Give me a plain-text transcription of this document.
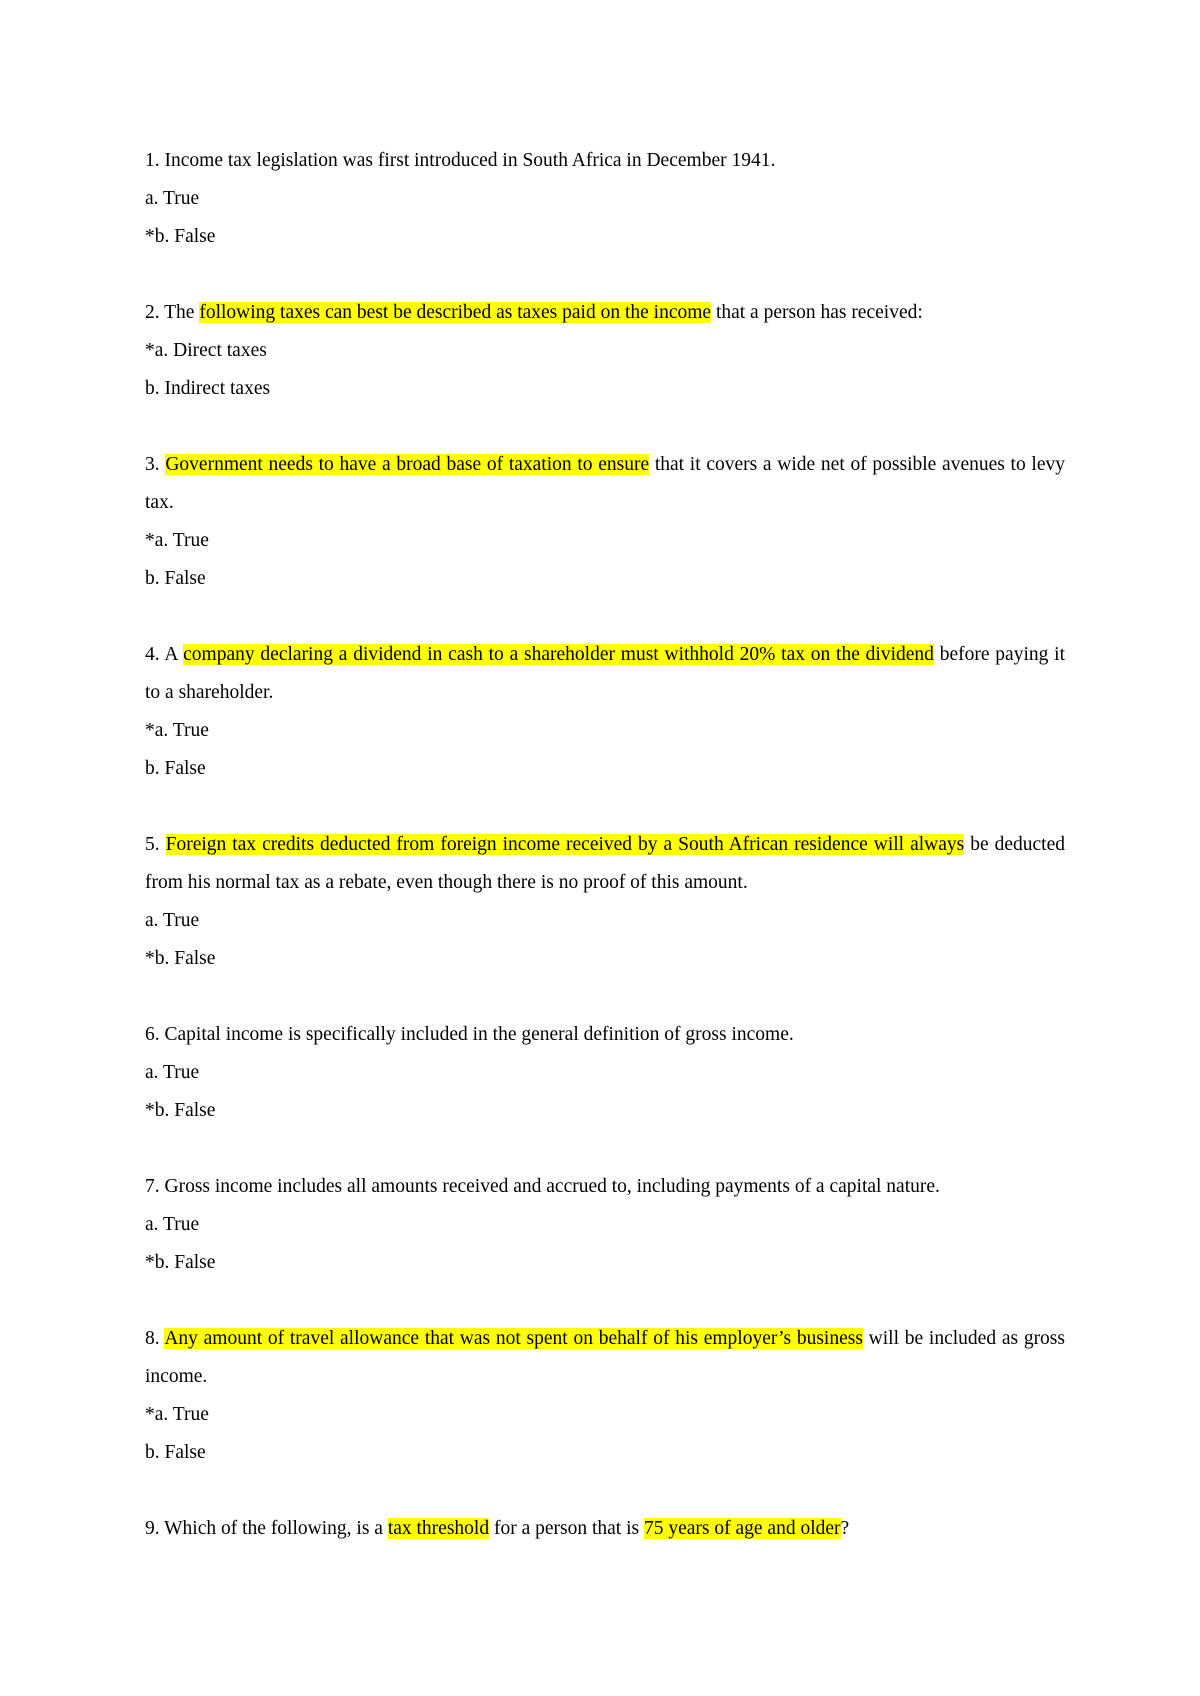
1. Income tax legislation was first introduced in South Africa in December 1941.

a. True

*b. False

2. The following taxes can best be described as taxes paid on the income that a person has received:

*a. Direct taxes

b. Indirect taxes

3. Government needs to have a broad base of taxation to ensure that it covers a wide net of possible avenues to levy tax.

*a. True

b. False

4. A company declaring a dividend in cash to a shareholder must withhold 20% tax on the dividend before paying it to a shareholder.

*a. True

b. False

5. Foreign tax credits deducted from foreign income received by a South African residence will always be deducted from his normal tax as a rebate, even though there is no proof of this amount.

a. True

*b. False

6. Capital income is specifically included in the general definition of gross income.

a. True

*b. False

7. Gross income includes all amounts received and accrued to, including payments of a capital nature.

a. True

*b. False

8. Any amount of travel allowance that was not spent on behalf of his employer’s business will be included as gross income.

*a. True

b. False

9. Which of the following, is a tax threshold for a person that is 75 years of age and older?
